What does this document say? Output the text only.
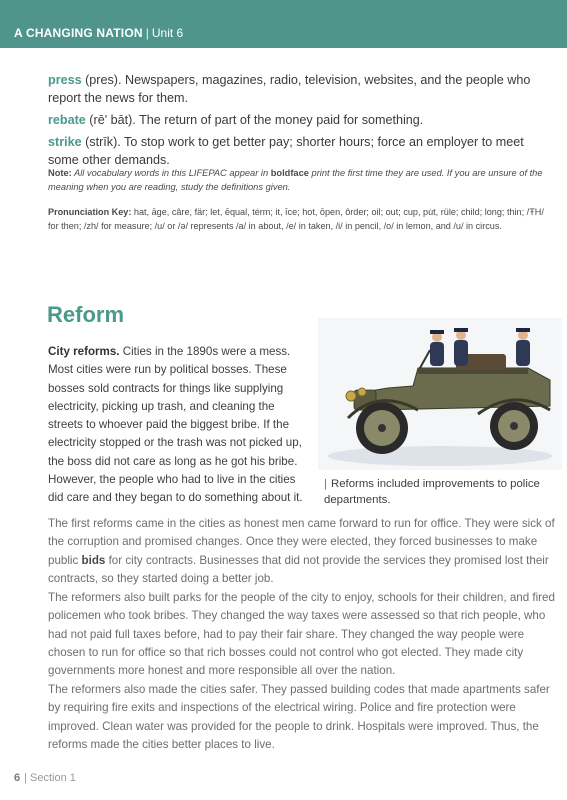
A CHANGING NATION | Unit 6

press (pres). Newspapers, magazines, radio, television, websites, and the people who report the news for them.

rebate (rē' bāt). The return of part of the money paid for something.

strike (strīk). To stop work to get better pay; shorter hours; force an employer to meet some other demands.

Note: All vocabulary words in this LIFEPAC appear in boldface print the first time they are used. If you are unsure of the meaning when you are reading, study the definitions given.
Pronunciation Key: hat, āge, câre, fär; let, ēqual, tėrm; it, īce; hot, ōpen, ôrder; oil; out; cup, pu̇t, rüle; child; long; thin; /ŦH/ for then; /zh/ for measure; /u/ or /ə/ represents /a/ in about, /e/ in taken, /i/ in pencil, /o/ in lemon, and /u/ in circus.
Reform
City reforms. Cities in the 1890s were a mess. Most cities were run by political bosses. These bosses sold contracts for things like supplying electricity, picking up trash, and cleaning the streets to whoever paid the biggest bribe. If the electricity stopped or the trash was not picked up, the boss did not care as long as he got his bribe. However, the people who had to live in the cities did care and they began to do something about it.
| Reforms included improvements to police departments.

The first reforms came in the cities as honest men came forward to run for office. They were sick of the corruption and promised changes. Once they were elected, they forced businesses to make public bids for city contracts. Businesses that did not provide the services they promised lost their contracts, so they started doing a better job.

The reformers also built parks for the people of the city to enjoy, schools for their children, and fired policemen who took bribes. They changed the way taxes were assessed so that rich people, who had not paid full taxes before, had to pay their fair share. They changed the way people were chosen to run for office so that rich bosses could not control who got elected. They made city governments more honest and more responsible all over the nation.

The reformers also made the cities safer. They passed building codes that made apartments safer by requiring fire exits and inspections of the electrical wiring. Police and fire protection were improved. Clean water was provided for the people to drink. Hospitals were improved. Thus, the reforms made the cities better places to live.

6 | Section 1
